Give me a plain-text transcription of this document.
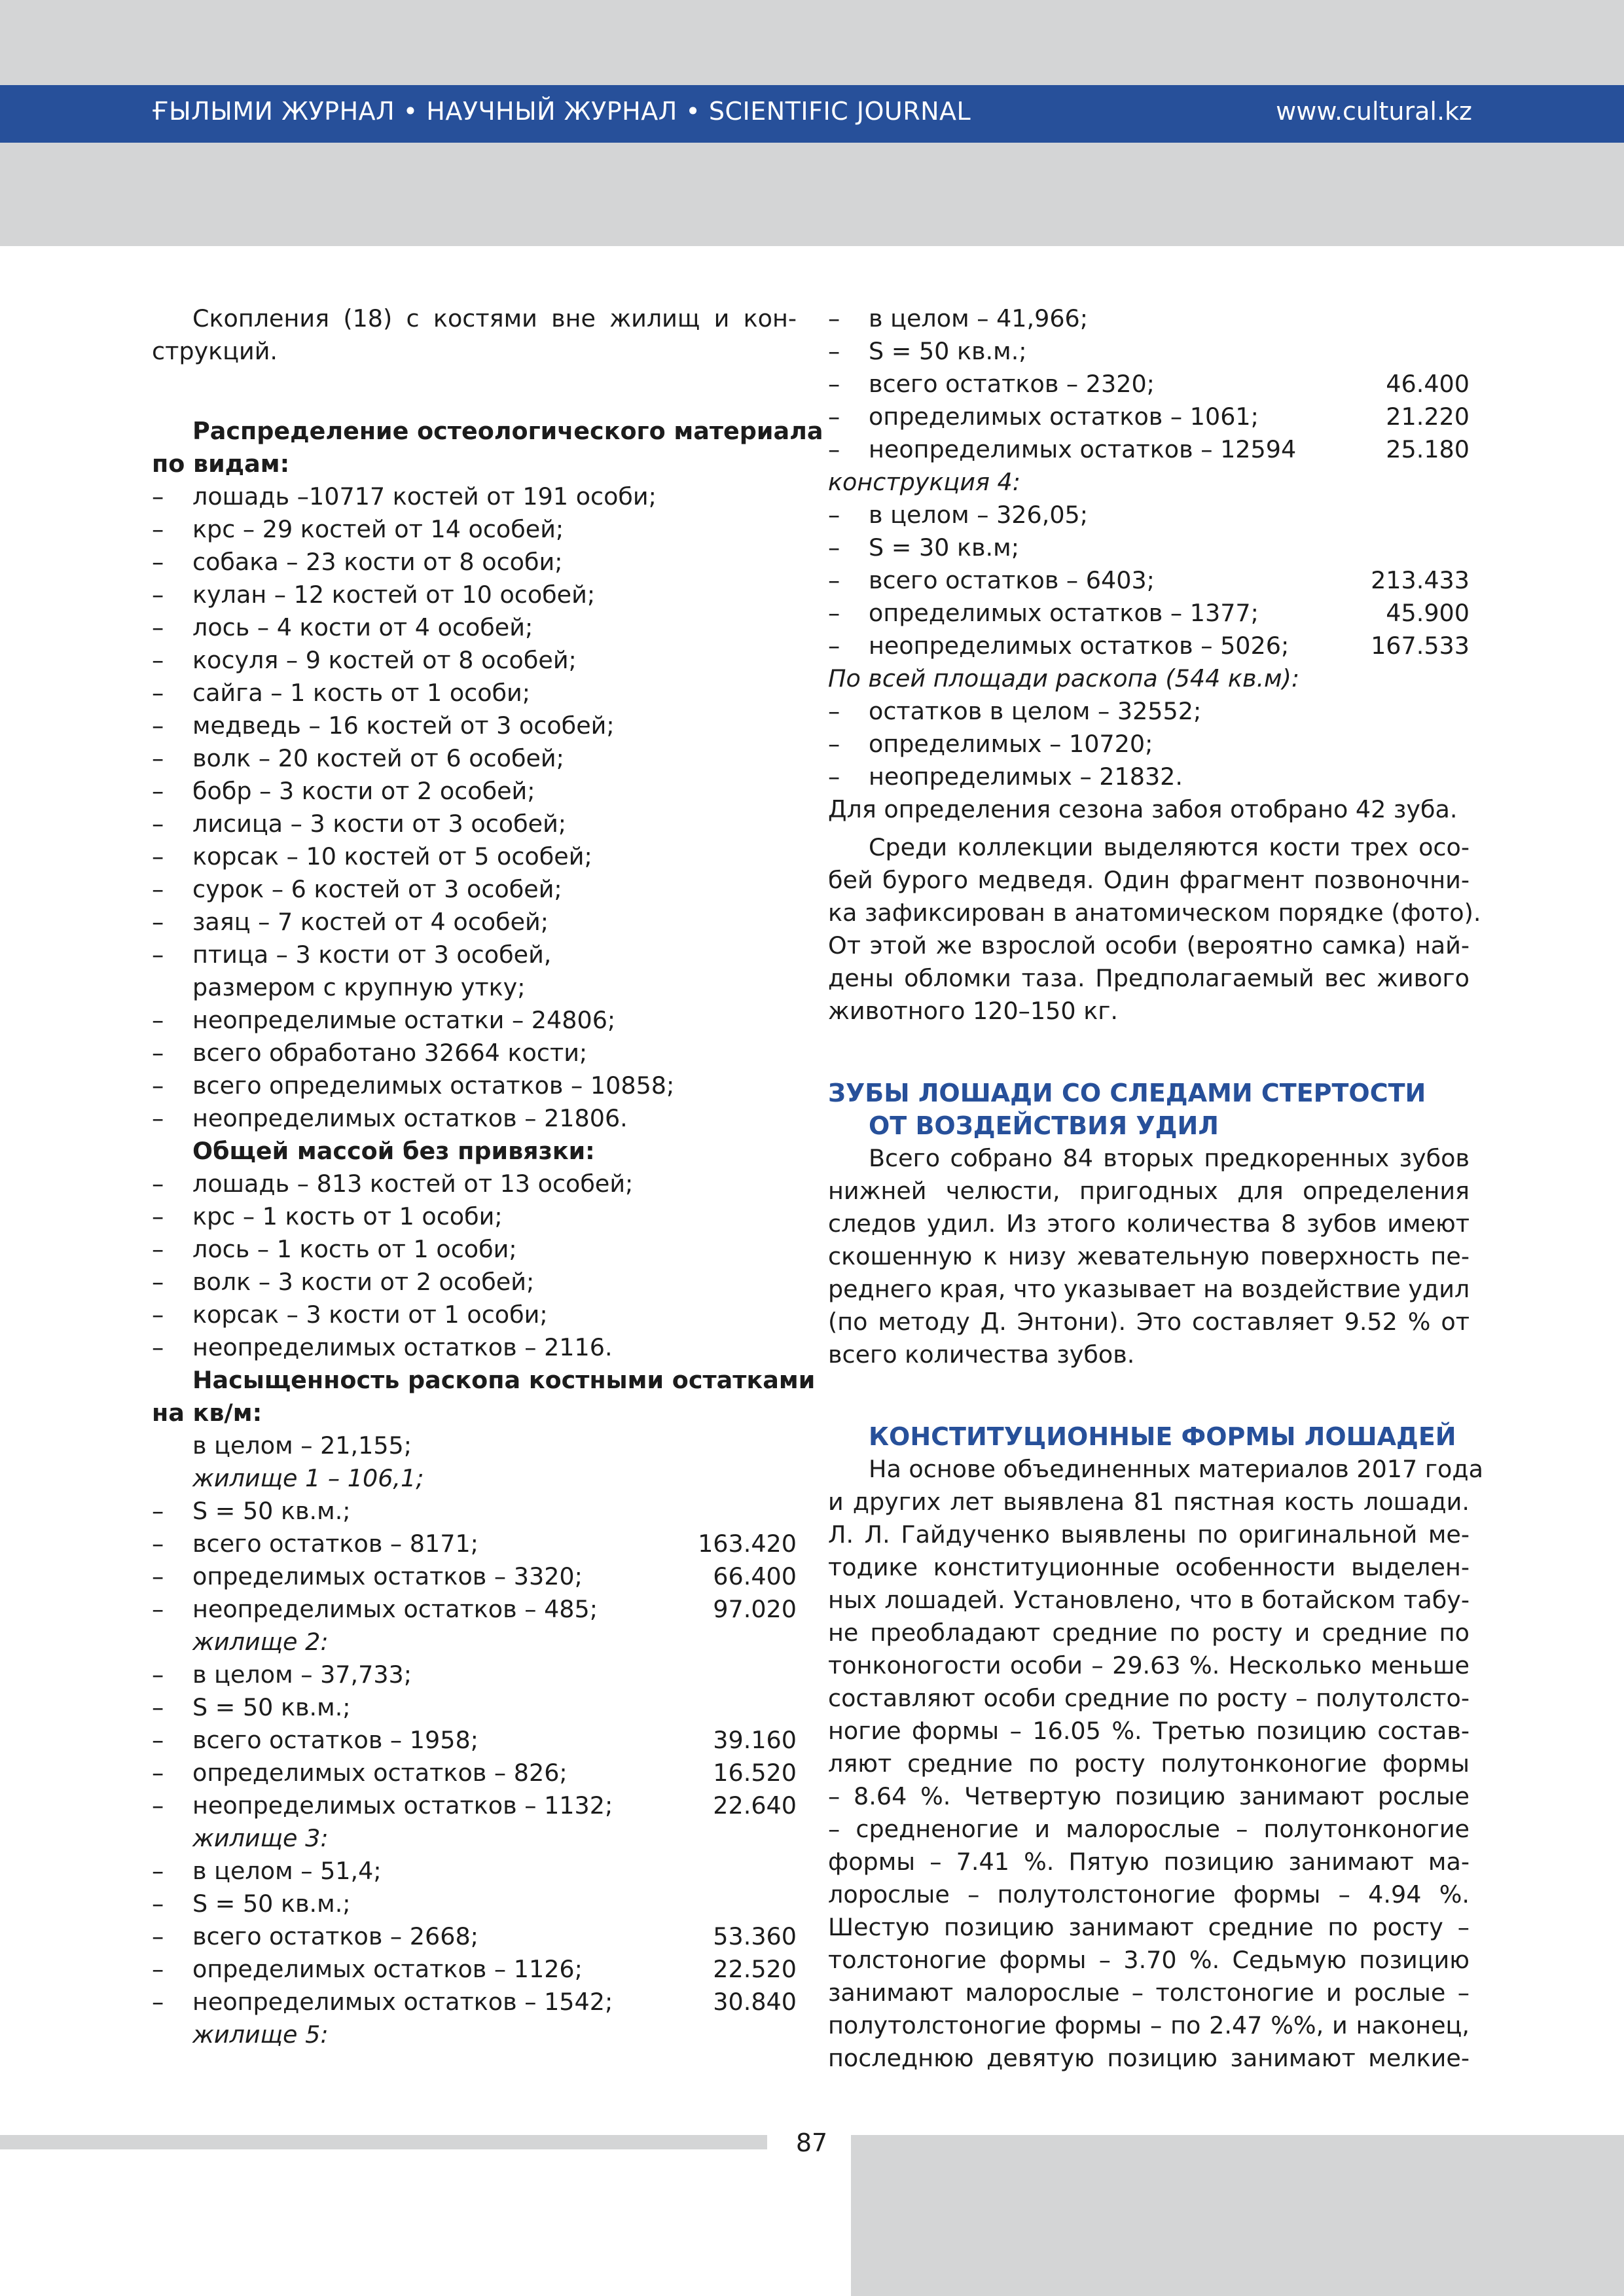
ҒЫЛЫМИ ЖУРНАЛ • НАУЧНЫЙ ЖУРНАЛ • SCIENTIFIC JOURNAL	www.cultural.kz
Скопления (18) с костями вне жилищ и кон-
струкций.
Распределение остеологического материала
по видам:
– лошадь –10717 костей от 191 особи;
– крс – 29 костей от 14 особей;
– собака – 23 кости от 8 особи;
– кулан – 12 костей от 10 особей;
– лось – 4 кости от 4 особей;
– косуля – 9 костей от 8 особей;
– сайга – 1 кость от 1 особи;
– медведь – 16 костей от 3 особей;
– волк – 20 костей от 6 особей;
– бобр – 3 кости от 2 особей;
– лисица – 3 кости от 3 особей;
– корсак – 10 костей от 5 особей;
– сурок – 6 костей от 3 особей;
– заяц – 7 костей от 4 особей;
– птица – 3 кости от 3 особей,
размером с крупную утку;
– неопределимые остатки – 24806;
– всего обработано 32664 кости;
– всего определимых остатков – 10858;
– неопределимых остатков – 21806.
Общей массой без привязки:
– лошадь – 813 костей от 13 особей;
– крс – 1 кость от 1 особи;
– лось – 1 кость от 1 особи;
– волк – 3 кости от 2 особей;
– корсак – 3 кости от 1 особи;
– неопределимых остатков – 2116.
Насыщенность раскопа костными остатками
на кв/м:
в целом – 21,155;
жилище 1 – 106,1;
– S = 50 кв.м.;
– всего остатков – 8171;	163.420
– определимых остатков – 3320;	66.400
– неопределимых остатков – 485;	97.020
жилище 2:
– в целом – 37,733;
– S = 50 кв.м.;
– всего остатков – 1958;	39.160
– определимых остатков – 826;	16.520
– неопределимых остатков – 1132;	22.640
жилище 3:
– в целом – 51,4;
– S = 50 кв.м.;
– всего остатков – 2668;	53.360
– определимых остатков – 1126;	22.520
– неопределимых остатков – 1542;	30.840
жилище 5:
– в целом – 41,966;
– S = 50 кв.м.;
– всего остатков – 2320;	46.400
– определимых остатков – 1061;	21.220
– неопределимых остатков – 12594	25.180
конструкция 4:
– в целом – 326,05;
– S = 30 кв.м;
– всего остатков – 6403;	213.433
– определимых остатков – 1377;	45.900
– неопределимых остатков – 5026;	167.533
По всей площади раскопа (544 кв.м):
– остатков в целом – 32552;
– определимых – 10720;
– неопределимых – 21832.
Для определения сезона забоя отобрано 42 зуба.
Среди коллекции выделяются кости трех осо-
бей бурого медведя. Один фрагмент позвоночни-
ка зафиксирован в анатомическом порядке (фото).
От этой же взрослой особи (вероятно самка) най-
дены обломки таза. Предполагаемый вес живого
животного 120–150 кг.
ЗУБЫ ЛОШАДИ СО СЛЕДАМИ СТЕРТОСТИ
ОТ ВОЗДЕЙСТВИЯ УДИЛ
Всего собрано 84 вторых предкоренных зубов
нижней челюсти, пригодных для определения
следов удил. Из этого количества 8 зубов имеют
скошенную к низу жевательную поверхность пе-
реднего края, что указывает на воздействие удил
(по методу Д. Энтони). Это составляет 9.52 % от
всего количества зубов.
КОНСТИТУЦИОННЫЕ ФОРМЫ ЛОШАДЕЙ
На основе объединенных материалов 2017 года
и других лет выявлена 81 пястная кость лошади.
Л. Л. Гайдученко выявлены по оригинальной ме-
тодике конституционные особенности выделен-
ных лошадей. Установлено, что в ботайском табу-
не преобладают средние по росту и средние по
тонконогости особи – 29.63 %. Несколько меньше
составляют особи средние по росту – полутолсто-
ногие формы – 16.05 %. Третью позицию состав-
ляют средние по росту полутонконогие формы
– 8.64 %. Четвертую позицию занимают рослые
– средненогие и малорослые – полутонконогие
формы – 7.41 %. Пятую позицию занимают ма-
лорослые – полутолстоногие формы – 4.94 %.
Шестую позицию занимают средние по росту –
толстоногие формы – 3.70 %. Седьмую позицию
занимают малорослые – толстоногие и рослые –
полутолстоногие формы – по 2.47 %%, и наконец,
последнюю девятую позицию занимают мелкие-
87
